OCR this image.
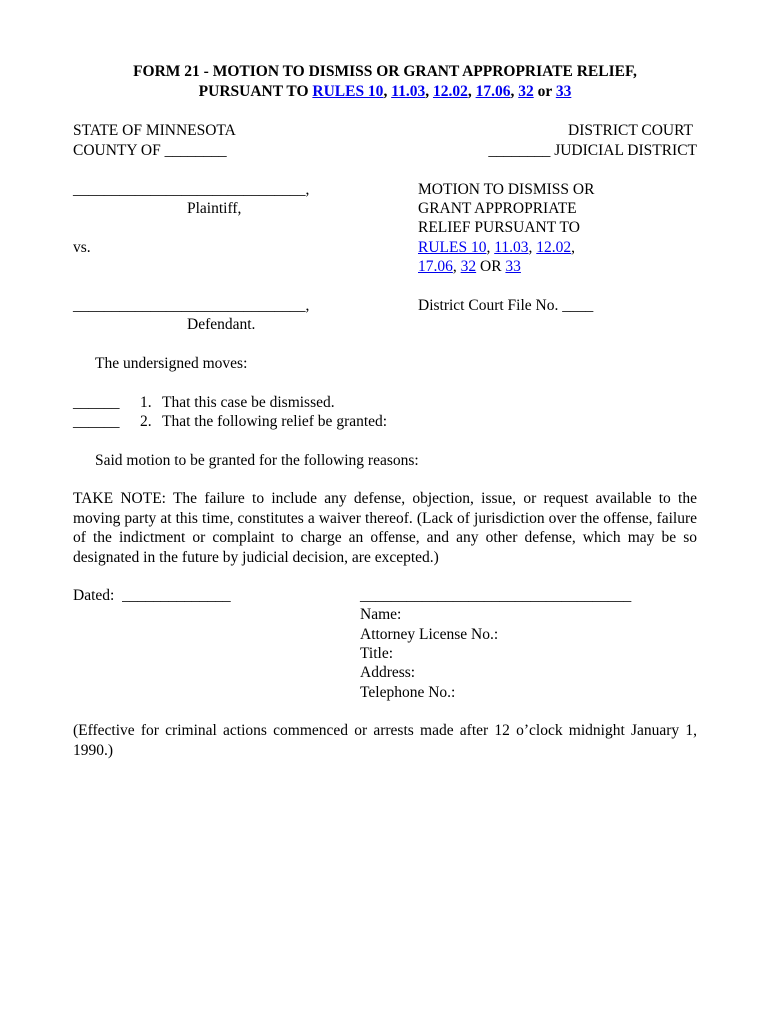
FORM 21 - MOTION TO DISMISS OR GRANT APPROPRIATE RELIEF,
PURSUANT TO RULES 10, 11.03, 12.02, 17.06, 32 or 33
STATE OF MINNESOTA
COUNTY OF ________
DISTRICT COURT
________ JUDICIAL DISTRICT
______________________________,
Plaintiff,
vs.
______________________________,
Defendant.
MOTION TO DISMISS OR
GRANT APPROPRIATE
RELIEF PURSUANT TO
RULES 10, 11.03, 12.02,
17.06, 32 OR 33
District Court File No. ____
The undersigned moves:
______ 1. That this case be dismissed.
______ 2. That the following relief be granted:
Said motion to be granted for the following reasons:
TAKE NOTE: The failure to include any defense, objection, issue, or request available to the moving party at this time, constitutes a waiver thereof. (Lack of jurisdiction over the offense, failure of the indictment or complaint to charge an offense, and any other defense, which may be so designated in the future by judicial decision, are excepted.)
Dated: ______________	___________________________________
Name:
Attorney License No.:
Title:
Address:
Telephone No.:
(Effective for criminal actions commenced or arrests made after 12 o’clock midnight January 1, 1990.)
